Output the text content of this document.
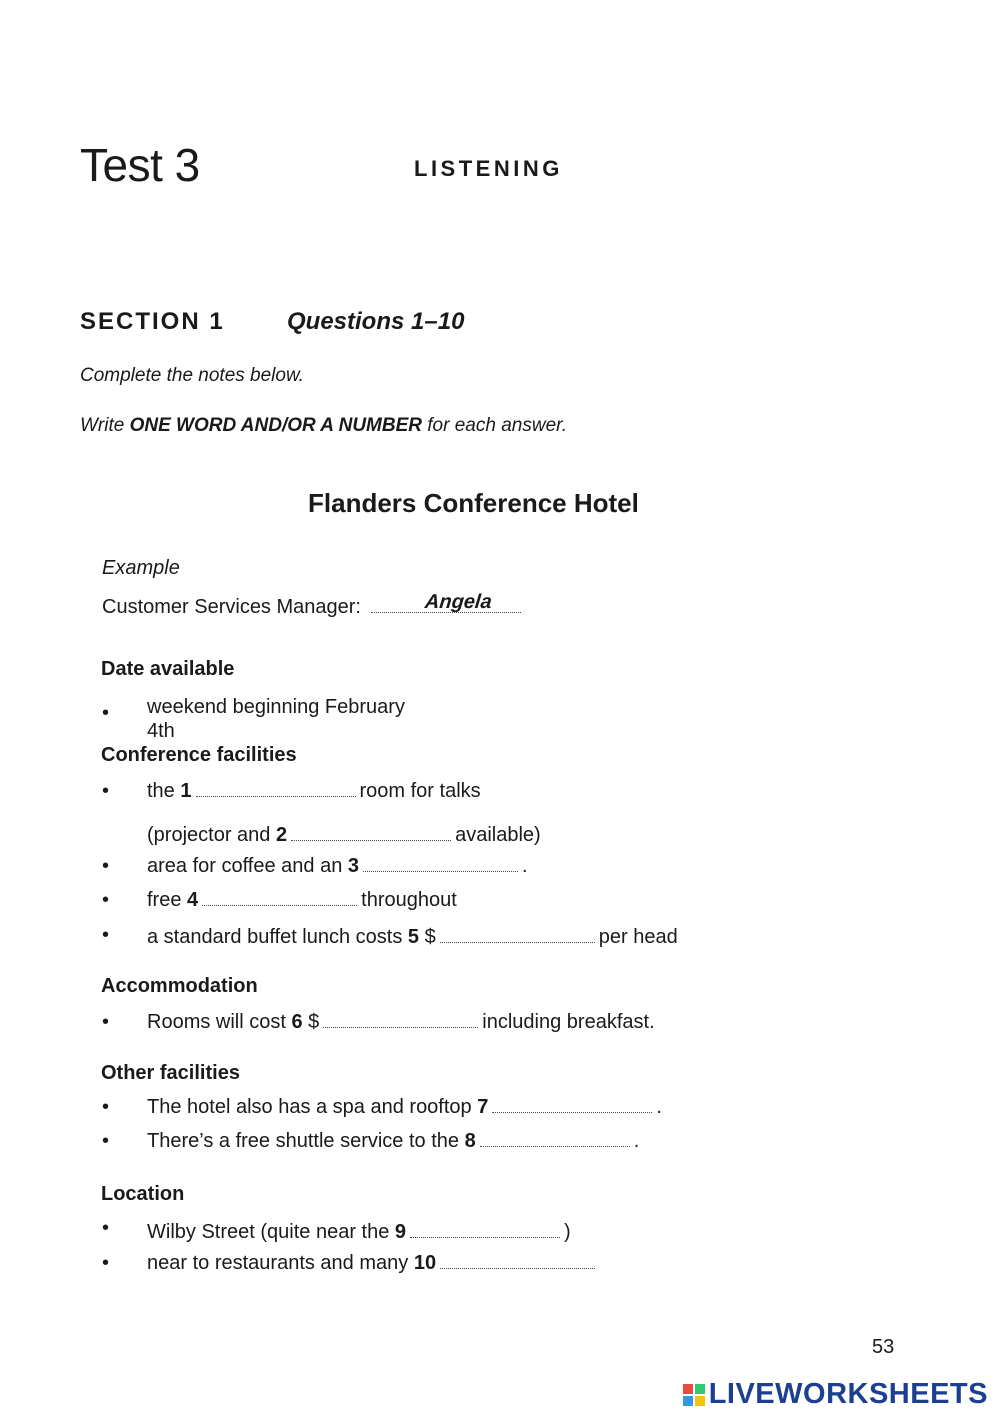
Test 3	LISTENING
SECTION 1	Questions 1–10
Complete the notes below.
Write ONE WORD AND/OR A NUMBER for each answer.
Flanders Conference Hotel
Example
Customer Services Manager:	Angela
Date available
• weekend beginning February
4th
Conference facilities
• the 1	room for talks
(projector and 2	available)
• area for coffee and an 3	.
• free 4	throughout
• a standard buffet lunch costs 5 $	per head
Accommodation
• Rooms will cost 6 $	including breakfast.
Other facilities
• The hotel also has a spa and rooftop 7	.
• There’s a free shuttle service to the 8	.
Location
• Wilby Street (quite near the 9	)
• near to restaurants and many 10
53
LIVEWORKSHEETS
